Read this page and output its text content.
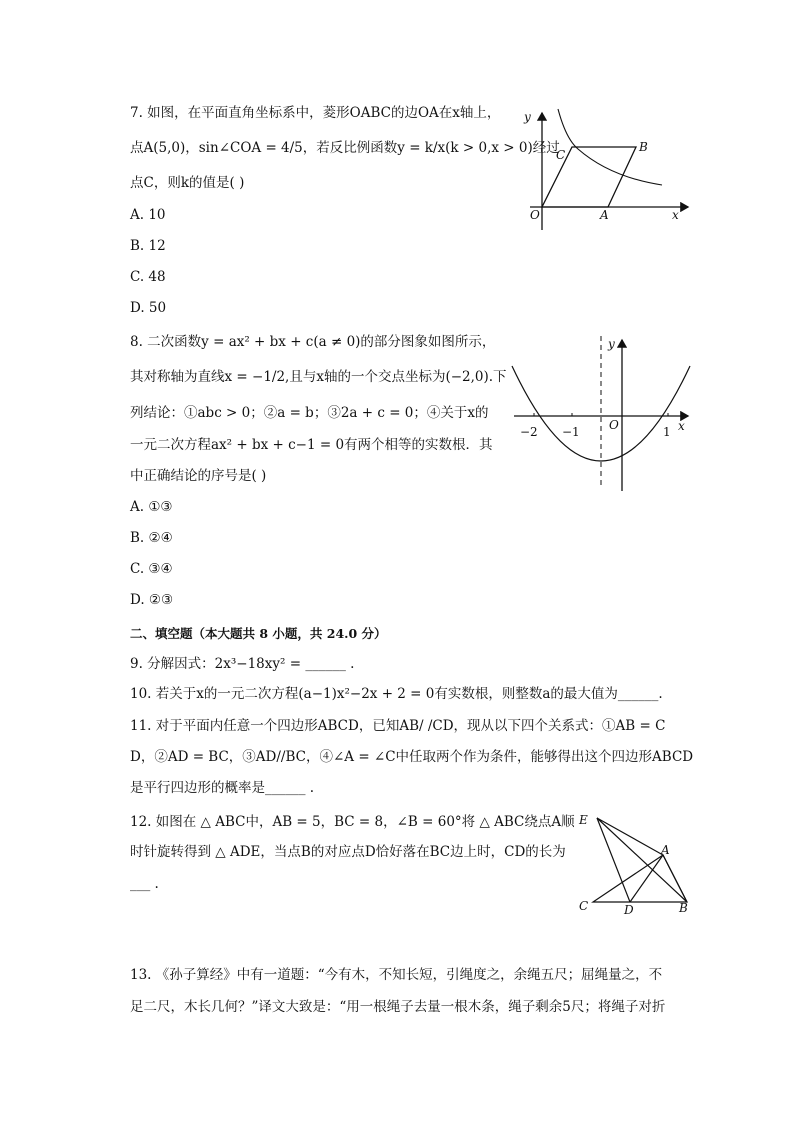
7. 如图，在平面直角坐标系中，菱形OABC的边OA在x轴上，
点A(5,0)，sin∠COA = 4/5，若反比例函数y = k/x(k > 0,x > 0)经过
点C，则k的值是( )
A. 10
B. 12
C. 48
D. 50
y
x
O	A
B
C
8. 二次函数y = ax² + bx + c(a ≠ 0)的部分图象如图所示，
其对称轴为直线x = −1/2,且与x轴的一个交点坐标为(−2,0).下
列结论：①abc > 0；②a = b；③2a + c = 0；④关于x的
一元二次方程ax² + bx + c−1 = 0有两个相等的实数根．其
中正确结论的序号是( )
A. ①③
B. ②④
C. ③④
D. ②③
y
x
O
−2 −1	1
二、填空题（本大题共 8 小题，共 24.0 分）
9. 分解因式：2x³−18xy² = ______ .
10. 若关于x的一元二次方程(a−1)x²−2x + 2 = 0有实数根，则整数a的最大值为______.
11. 对于平面内任意一个四边形ABCD，已知AB/ /CD，现从以下四个关系式：①AB = C
D，②AD = BC，③AD//BC，④∠A = ∠C中任取两个作为条件，能够得出这个四边形ABCD
是平行四边形的概率是______ .
12. 如图在 △ ABC中，AB = 5，BC = 8，∠B = 60°将 △ ABC绕点A顺
时针旋转得到 △ ADE，当点B的对应点D恰好落在BC边上时，CD的长为
___ .
E
A
C	D	B
13. 《孙子算经》中有一道题：“今有木，不知长短，引绳度之，余绳五尺；屈绳量之，不
足二尺，木长几何？”译文大致是：“用一根绳子去量一根木条，绳子剩余5尺；将绳子对折
